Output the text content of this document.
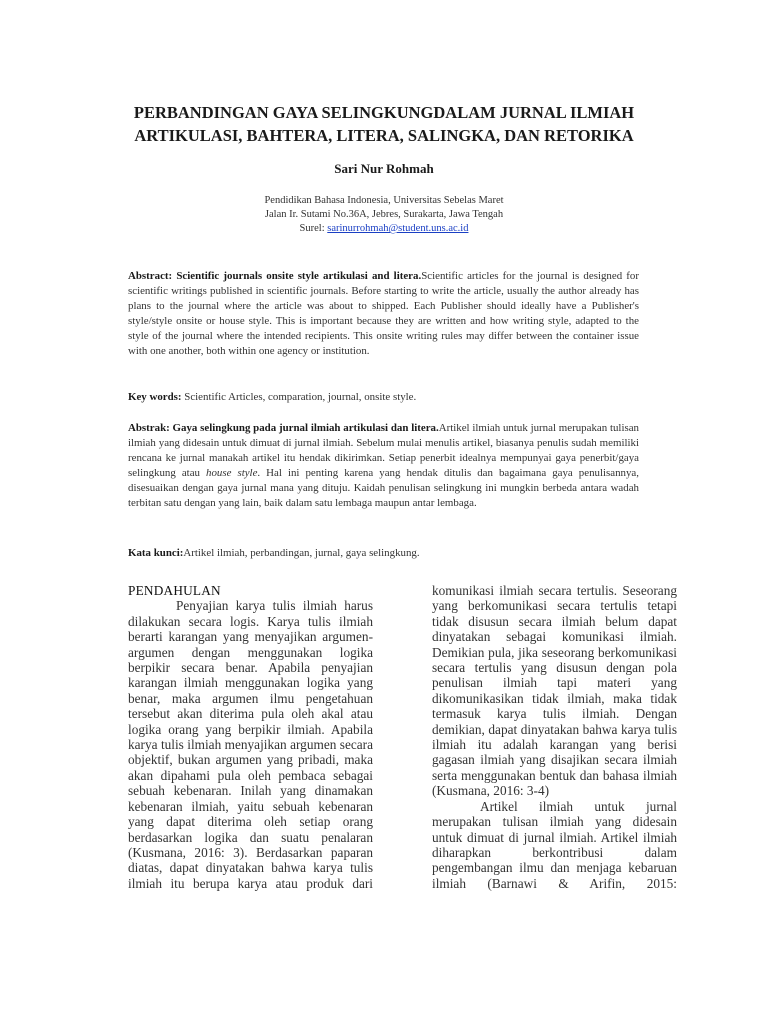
PERBANDINGAN GAYA SELINGKUNGDALAM JURNAL ILMIAH
ARTIKULASI, BAHTERA, LITERA, SALINGKA, DAN RETORIKA
Sari Nur Rohmah
Pendidikan Bahasa Indonesia, Universitas Sebelas Maret
Jalan Ir. Sutami No.36A, Jebres, Surakarta, Jawa Tengah
Surel: sarinurrohmah@student.uns.ac.id
Abstract: Scientific journals onsite style artikulasi and litera.Scientific articles for the journal is designed for scientific writings published in scientific journals. Before starting to write the article, usually the author already has plans to the journal where the article was about to shipped. Each Publisher should ideally have a Publisher's style/style onsite or house style. This is important because they are written and how writing style, adapted to the style of the journal where the intended recipients. This onsite writing rules may differ between the container issue with one another, both within one agency or institution.
Key words: Scientific Articles, comparation, journal, onsite style.
Abstrak: Gaya selingkung pada jurnal ilmiah artikulasi dan litera.Artikel ilmiah untuk jurnal merupakan tulisan ilmiah yang didesain untuk dimuat di jurnal ilmiah. Sebelum mulai menulis artikel, biasanya penulis sudah memiliki rencana ke jurnal manakah artikel itu hendak dikirimkan. Setiap penerbit idealnya mempunyai gaya penerbit/gaya selingkung atau house style. Hal ini penting karena yang hendak ditulis dan bagaimana gaya penulisannya, disesuaikan dengan gaya jurnal mana yang dituju. Kaidah penulisan selingkung ini mungkin berbeda antara wadah terbitan satu dengan yang lain, baik dalam satu lembaga maupun antar lembaga.
Kata kunci:Artikel ilmiah, perbandingan, jurnal, gaya selingkung.
PENDAHULAN

Penyajian karya tulis ilmiah harus dilakukan secara logis. Karya tulis ilmiah berarti karangan yang menyajikan argumen-argumen dengan menggunakan logika berpikir secara benar. Apabila penyajian karangan ilmiah menggunakan logika yang benar, maka argumen ilmu pengetahuan tersebut akan diterima pula oleh akal atau logika orang yang berpikir ilmiah. Apabila karya tulis ilmiah menyajikan argumen secara objektif, bukan argumen yang pribadi, maka akan dipahami pula oleh pembaca sebagai sebuah kebenaran. Inilah yang dinamakan kebenaran ilmiah, yaitu sebuah kebenaran yang dapat diterima oleh setiap orang berdasarkan logika dan suatu penalaran (Kusmana, 2016: 3). Berdasarkan paparan diatas, dapat dinyatakan bahwa karya tulis ilmiah itu berupa karya atau produk dari

komunikasi ilmiah secara tertulis. Seseorang yang berkomunikasi secara tertulis tetapi tidak disusun secara ilmiah belum dapat dinyatakan sebagai komunikasi ilmiah. Demikian pula, jika seseorang berkomunikasi secara tertulis yang disusun dengan pola penulisan ilmiah tapi materi yang dikomunikasikan tidak ilmiah, maka tidak termasuk karya tulis ilmiah. Dengan demikian, dapat dinyatakan bahwa karya tulis ilmiah itu adalah karangan yang berisi gagasan ilmiah yang disajikan secara ilmiah serta menggunakan bentuk dan bahasa ilmiah (Kusmana, 2016: 3-4)

Artikel ilmiah untuk jurnal merupakan tulisan ilmiah yang didesain untuk dimuat di jurnal ilmiah. Artikel ilmiah diharapkan berkontribusi dalam pengembangan ilmu dan menjaga kebaruan ilmiah (Barnawi & Arifin, 2015:
